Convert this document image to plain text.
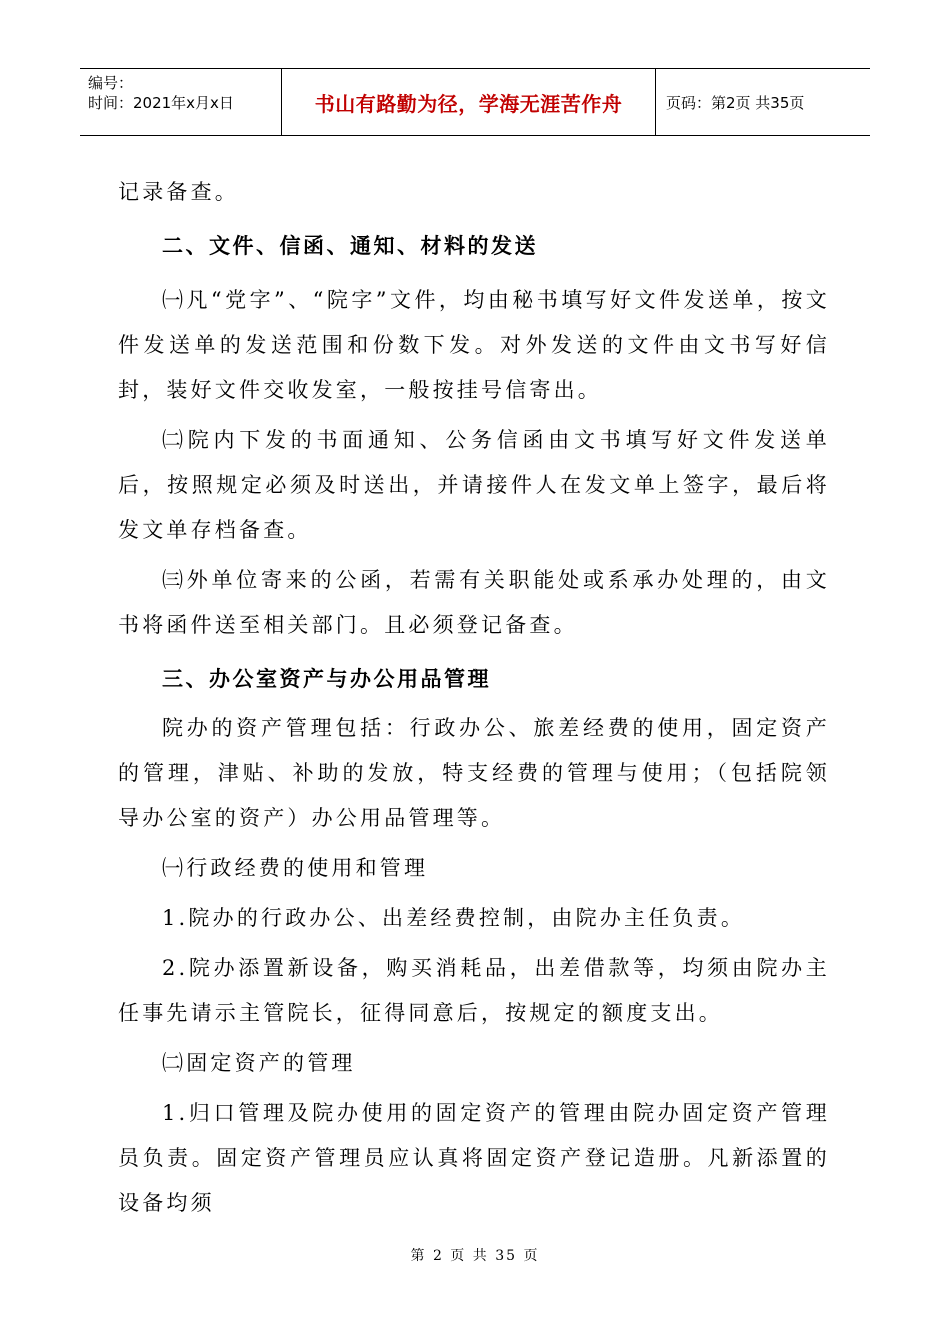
编号：
时间：2021年x月x日	书山有路勤为径，学海无涯苦作舟	页码：第2页 共35页

记录备查。

二、文件、信函、通知、材料的发送

㈠凡“党字”、“院字”文件，均由秘书填写好文件发送单，按文件发送单的发送范围和份数下发。对外发送的文件由文书写好信封，装好文件交收发室，一般按挂号信寄出。

㈡院内下发的书面通知、公务信函由文书填写好文件发送单后，按照规定必须及时送出，并请接件人在发文单上签字，最后将发文单存档备查。

㈢外单位寄来的公函，若需有关职能处或系承办处理的，由文书将函件送至相关部门。且必须登记备查。

三、办公室资产与办公用品管理

院办的资产管理包括：行政办公、旅差经费的使用，固定资产的管理，津贴、补助的发放，特支经费的管理与使用；（包括院领导办公室的资产）办公用品管理等。

㈠行政经费的使用和管理

1.院办的行政办公、出差经费控制，由院办主任负责。

2.院办添置新设备，购买消耗品，出差借款等，均须由院办主任事先请示主管院长，征得同意后，按规定的额度支出。

㈡固定资产的管理

1.归口管理及院办使用的固定资产的管理由院办固定资产管理员负责。固定资产管理员应认真将固定资产登记造册。凡新添置的设备均须

第 2 页 共 35 页
